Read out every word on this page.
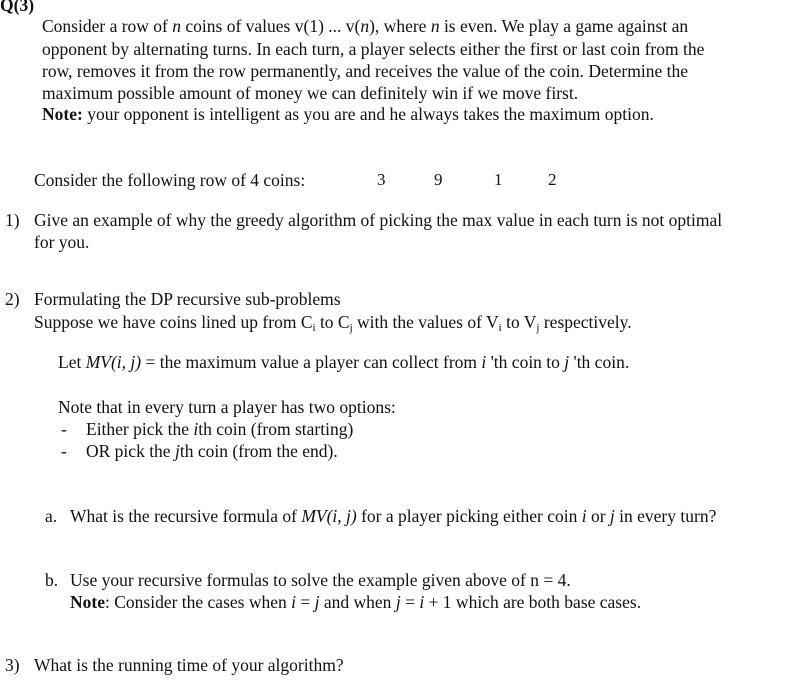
Q(3)
Consider a row of n coins of values v(1) ... v(n), where n is even. We play a game against an
opponent by alternating turns. In each turn, a player selects either the first or last coin from the
row, removes it from the row permanently, and receives the value of the coin. Determine the
maximum possible amount of money we can definitely win if we move first.
Note: your opponent is intelligent as you are and he always takes the maximum option.
Consider the following row of 4 coins:	3	9	1	2
1) Give an example of why the greedy algorithm of picking the max value in each turn is not optimal
for you.
2) Formulating the DP recursive sub-problems
Suppose we have coins lined up from $C_i$ to $C_j$ with the values of $V_i$ to $V_j$ respectively.
Let MV(i, j) = the maximum value a player can collect from i 'th coin to j 'th coin.
Note that in every turn a player has two options:
- Either pick the ith coin (from starting)
- OR pick the jth coin (from the end).
a. What is the recursive formula of MV(i, j) for a player picking either coin i or j in every turn?
b. Use your recursive formulas to solve the example given above of n = 4.
Note: Consider the cases when i = j and when j = i + 1 which are both base cases.
3) What is the running time of your algorithm?
